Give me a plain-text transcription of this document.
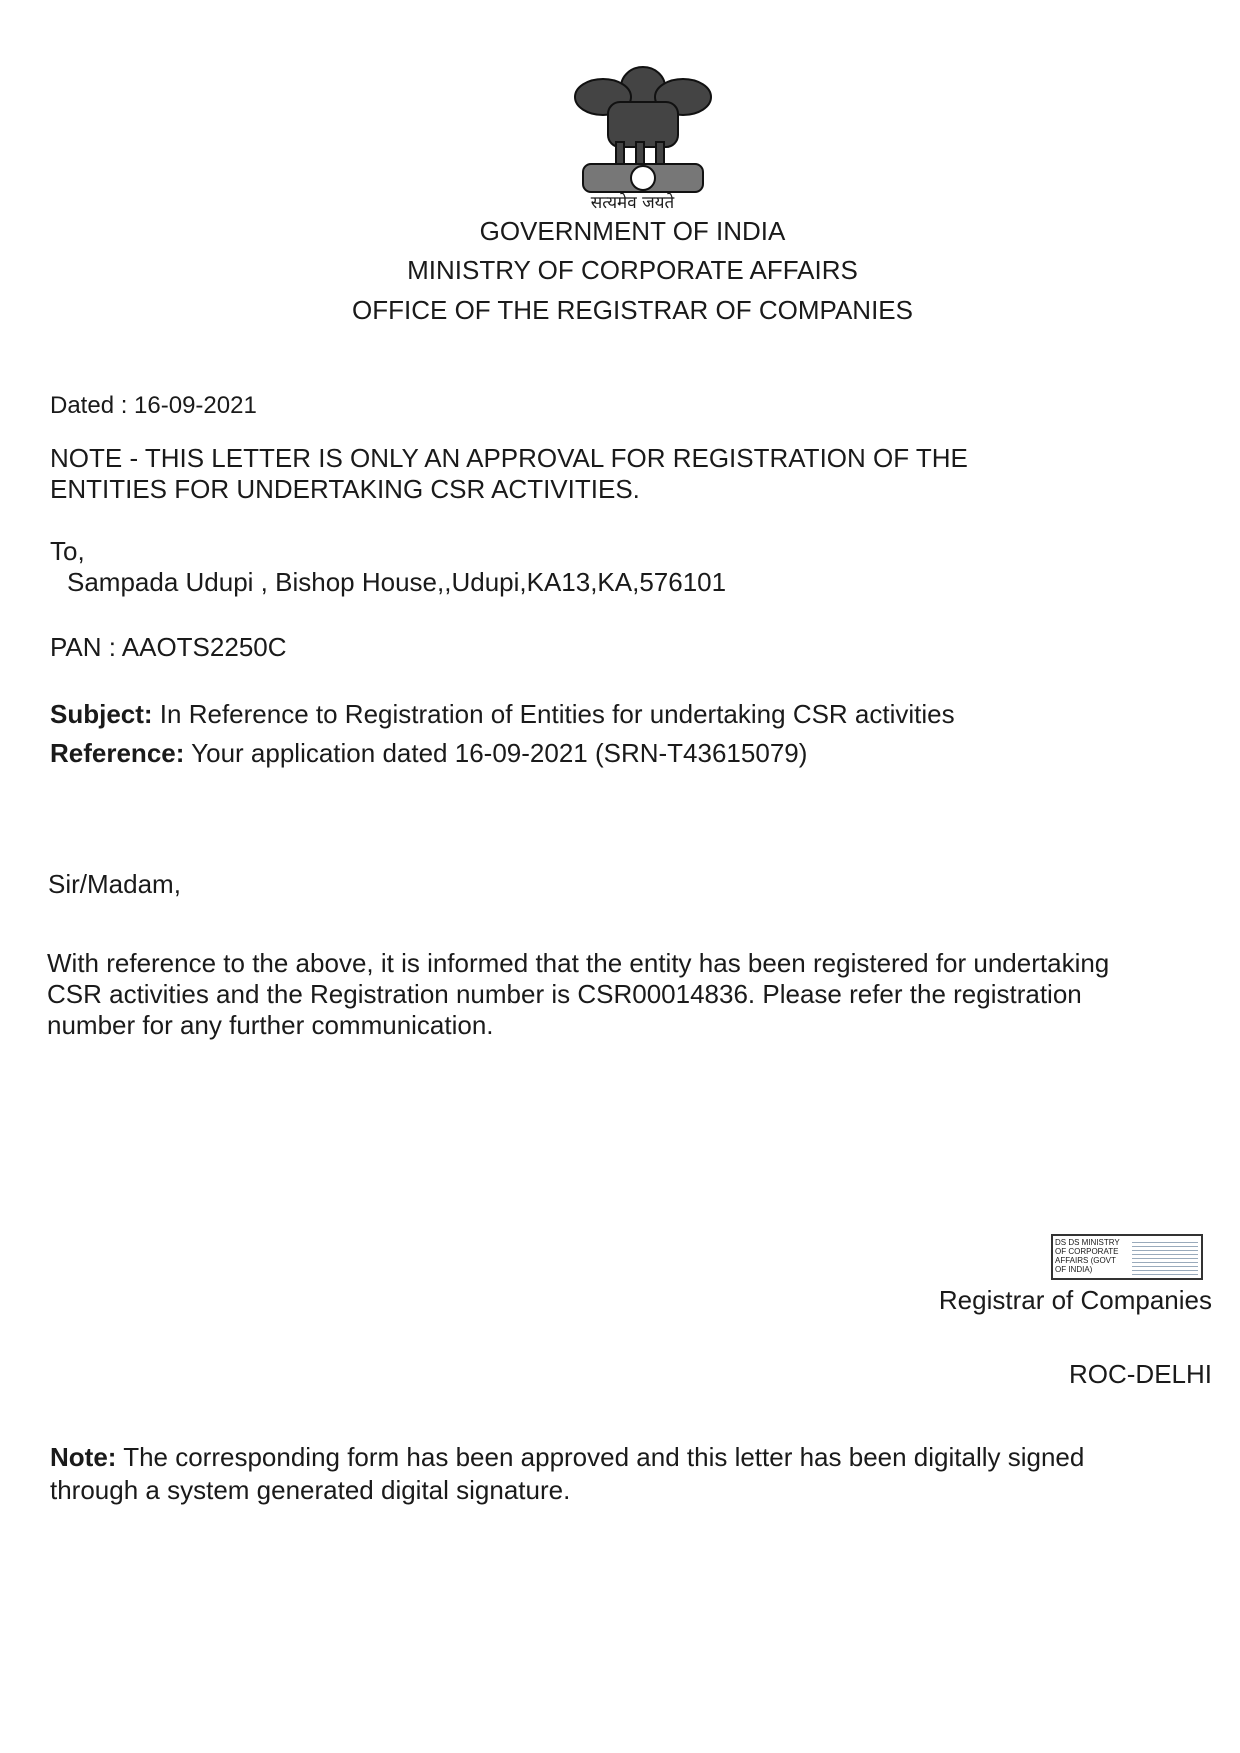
सत्यमेव जयते
GOVERNMENT OF INDIA
MINISTRY OF CORPORATE AFFAIRS
OFFICE OF THE REGISTRAR OF COMPANIES
Dated : 16-09-2021
NOTE - THIS LETTER IS ONLY AN APPROVAL FOR REGISTRATION OF THE
ENTITIES FOR UNDERTAKING CSR ACTIVITIES.
To,
Sampada Udupi , Bishop House,,Udupi,KA13,KA,576101
PAN : AAOTS2250C
Subject: In Reference to Registration of Entities for undertaking CSR activities
Reference: Your application dated 16-09-2021 (SRN-T43615079)
Sir/Madam,
With reference to the above, it is informed that the entity has been registered for undertaking
CSR activities and the Registration number is CSR00014836. Please refer the registration
number for any further communication.
DS DS MINISTRY OF CORPORATE AFFAIRS (GOVT OF INDIA)
Registrar of Companies
ROC-DELHI
Note: The corresponding form has been approved and this letter has been digitally signed
through a system generated digital signature.
